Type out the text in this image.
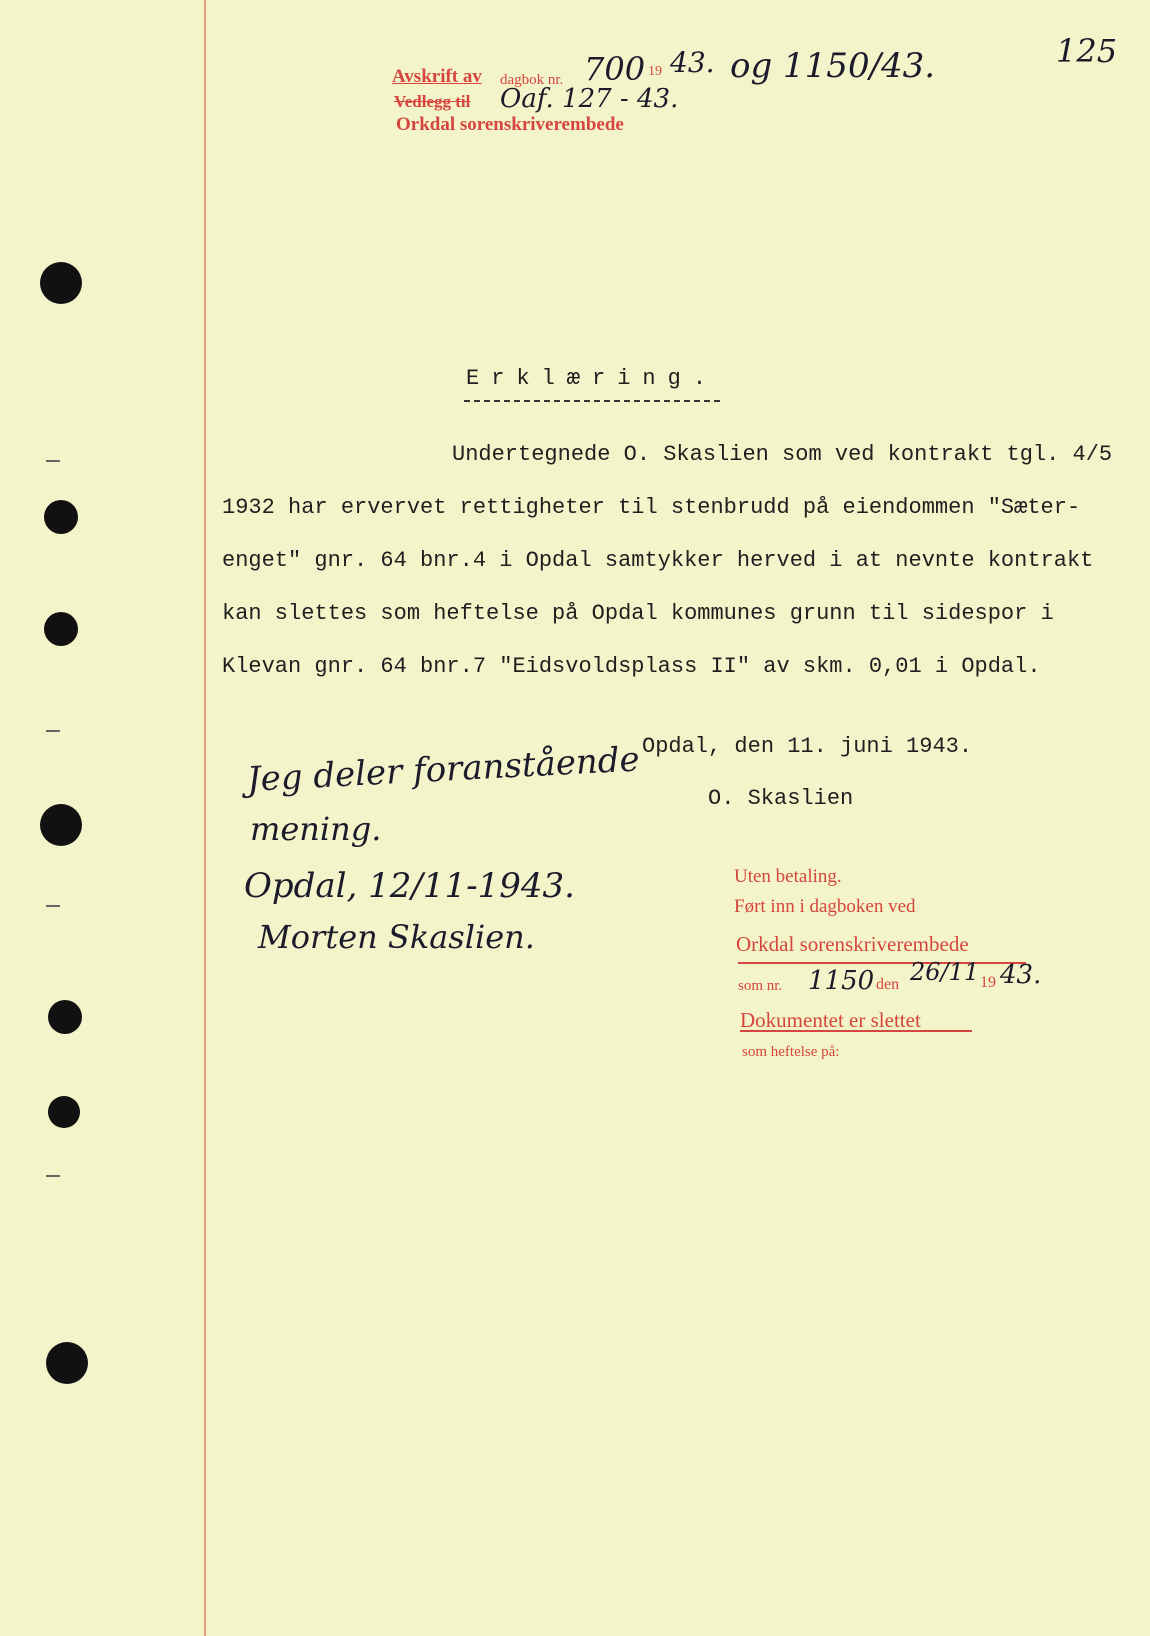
Avskrift av dagbok nr. 700 19 43. og 1150/43.
Vedlegg til Oaf. 127 - 43.
Orkdal sorenskriverembede
125
Erklæring.
Undertegnede O. Skaslien som ved kontrakt tgl. 4/5
1932 har ervervet rettigheter til stenbrudd på eiendommen "Sæter-
enget" gnr. 64 bnr.4 i Opdal samtykker herved i at nevnte kontrakt
kan slettes som heftelse på Opdal kommunes grunn til sidespor i
Klevan gnr. 64 bnr.7 "Eidsvoldsplass II" av skm. 0,01 i Opdal.
Opdal, den 11. juni 1943.
O. Skaslien
Jeg deler foranstående
mening.
Opdal, 12/11-1943.
Morten Skaslien.
Uten betaling.
Ført inn i dagboken ved
Orkdal sorenskriverembede
som nr. 1150 den 26/11 19 43.
Dokumentet er slettet
som heftelse på:
